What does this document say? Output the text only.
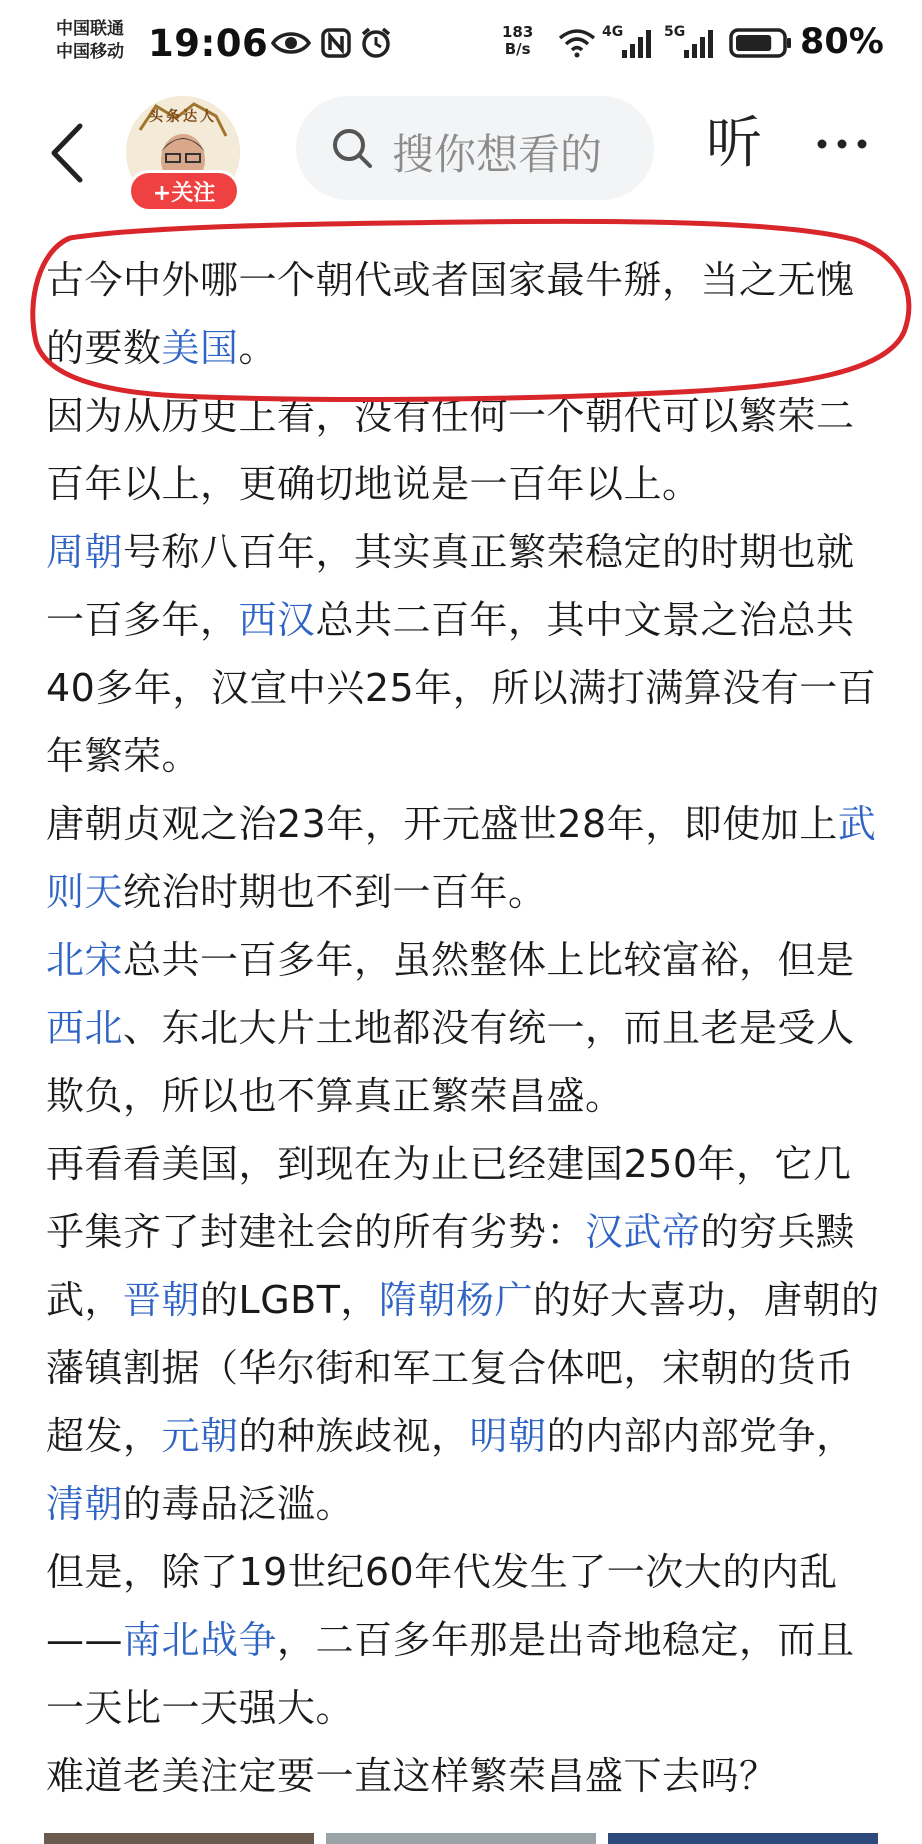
中国联通
中国移动 19:06	183
B/s
4G	5G	80%
头条达人
+关注
搜你想看的 听

古今中外哪一个朝代或者国家最牛掰，当之无愧的要数美国。

因为从历史上看，没有任何一个朝代可以繁荣二百年以上，更确切地说是一百年以上。

周朝号称八百年，其实真正繁荣稳定的时期也就一百多年，西汉总共二百年，其中文景之治总共40多年，汉宣中兴25年，所以满打满算没有一百年繁荣。

唐朝贞观之治23年，开元盛世28年，即使加上武则天统治时期也不到一百年。

北宋总共一百多年，虽然整体上比较富裕，但是西北、东北大片土地都没有统一，而且老是受人欺负，所以也不算真正繁荣昌盛。

再看看美国，到现在为止已经建国250年，它几乎集齐了封建社会的所有劣势：汉武帝的穷兵黩武，晋朝的LGBT，隋朝杨广的好大喜功，唐朝的藩镇割据（华尔街和军工复合体吧，宋朝的货币超发，元朝的种族歧视，明朝的内部内部党争，清朝的毒品泛滥。

但是，除了19世纪60年代发生了一次大的内乱——南北战争，二百多年那是出奇地稳定，而且一天比一天强大。

难道老美注定要一直这样繁荣昌盛下去吗？
